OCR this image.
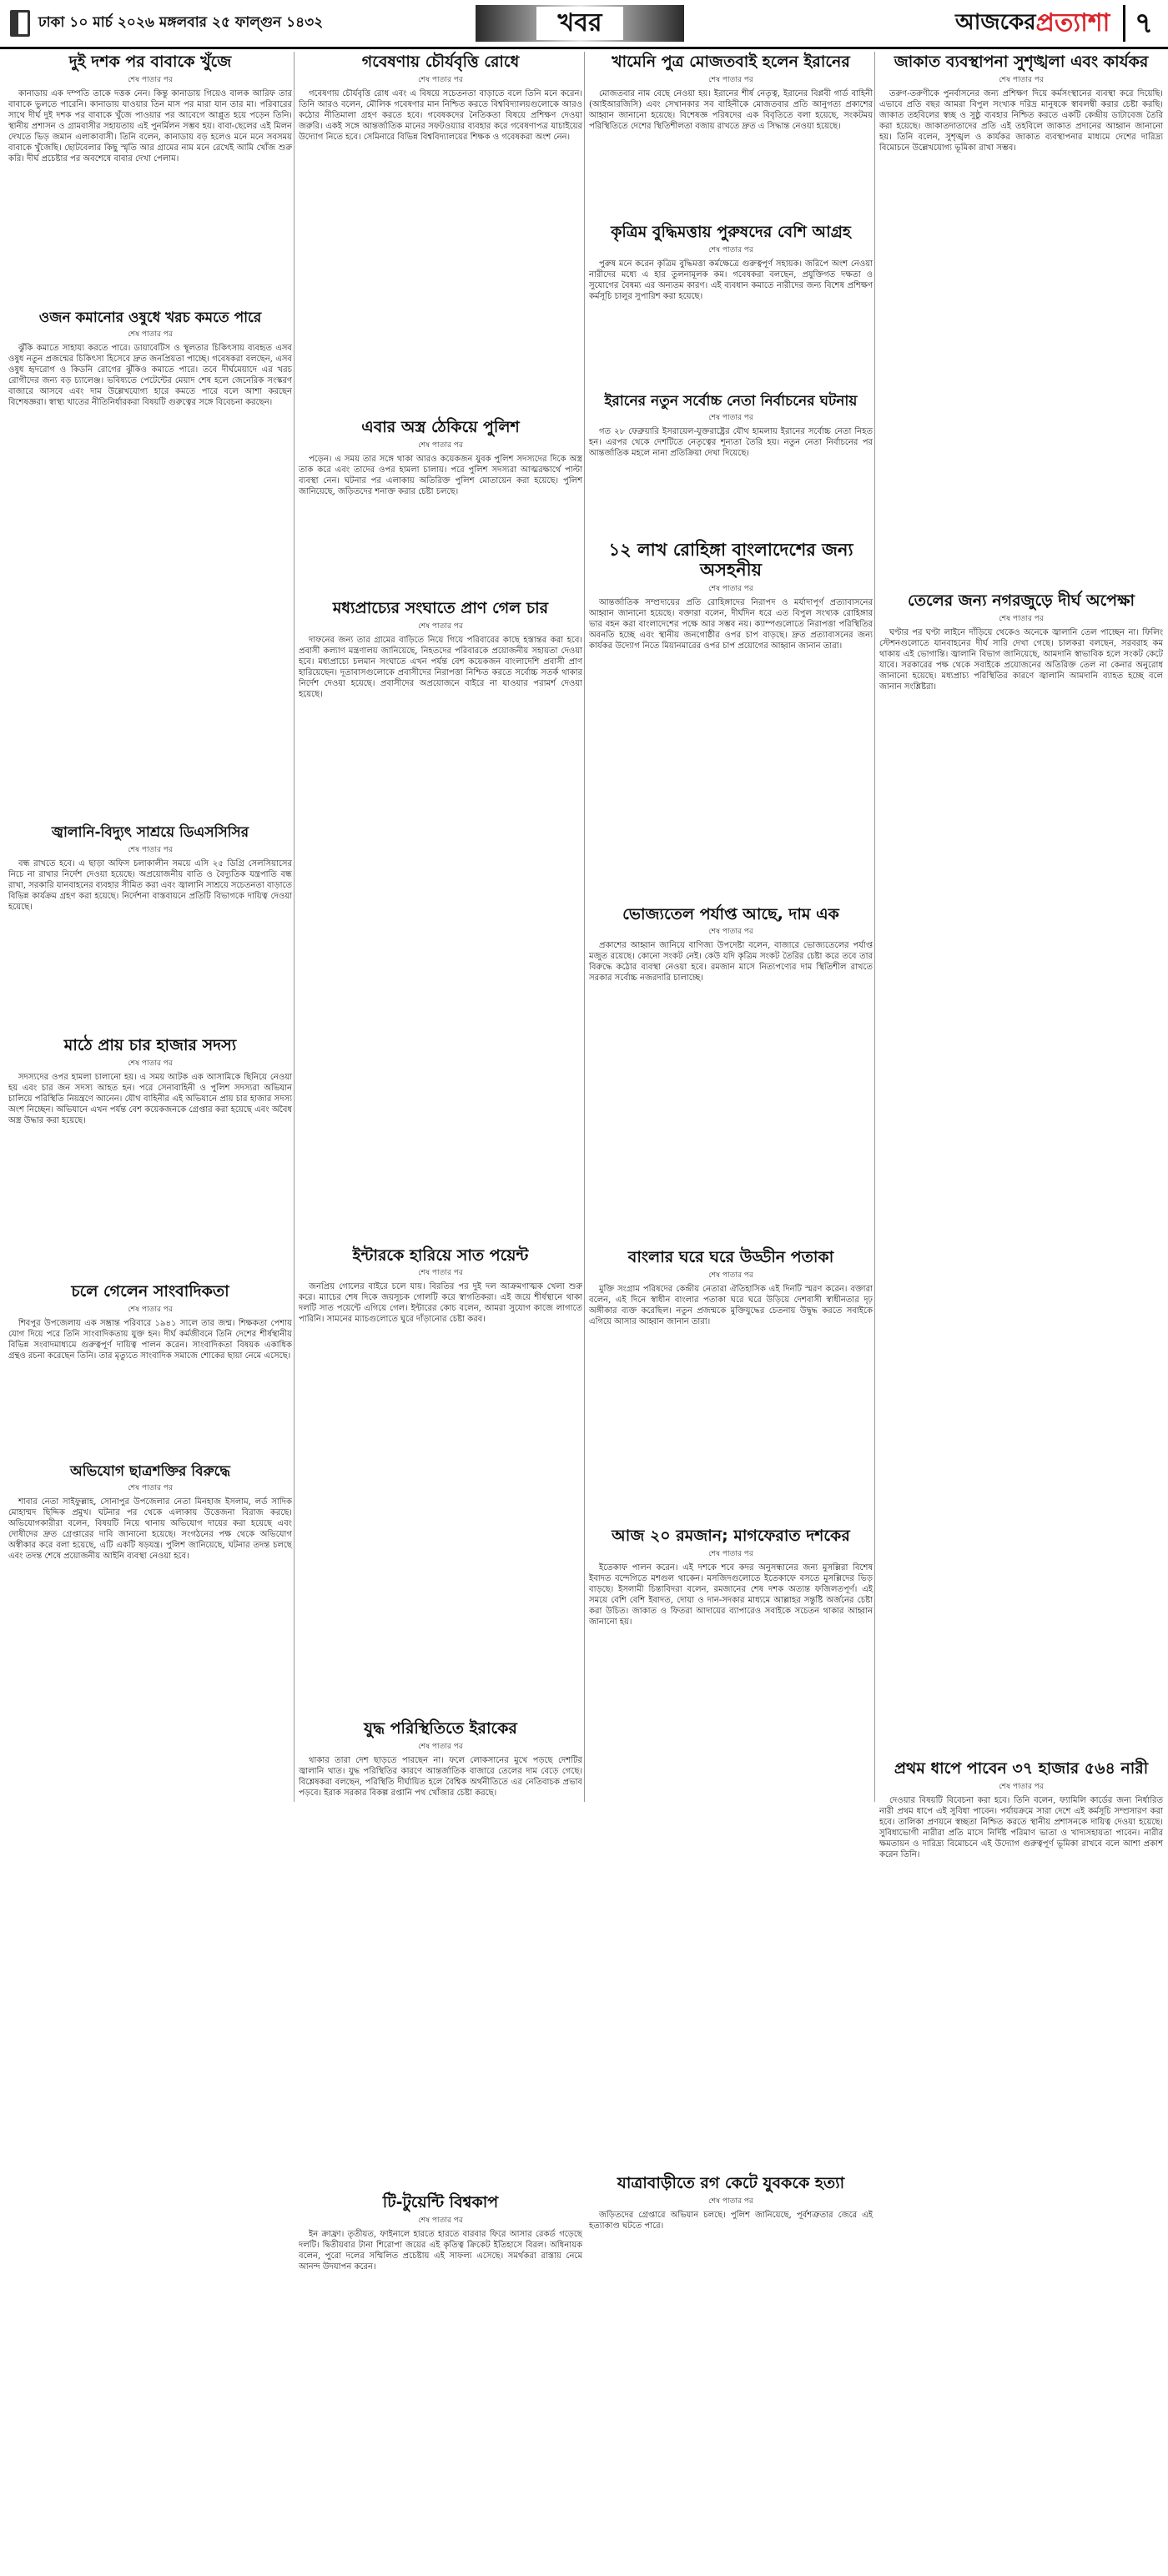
ঢাকা ১০ মার্চ ২০২৬ মঙ্গলবার ২৫ ফাল্গুন ১৪৩২	খবর	আজকের প্রত্যাশা ৭
দুই দশক পর বাবাকে খুঁজে
শেষ পাতার পর

কানাডায় এক দম্পতি তাকে দত্তক নেন। কিন্তু কানাডায় গিয়েও বালক আরিফ তার বাবাকে ভুলতে পারেনি। কানাডায় যাওয়ার তিন মাস পর মারা যান তার মা। পরিবারের সাথে দীর্ঘ দুই দশক পর বাবাকে খুঁজে পাওয়ার পর আবেগে আপ্লুত হয়ে পড়েন তিনি। স্থানীয় প্রশাসন ও গ্রামবাসীর সহায়তায় এই পুনর্মিলন সম্ভব হয়। বাবা-ছেলের এই মিলন দেখতে ভিড় জমান এলাকাবাসী। তিনি বলেন, কানাডায় বড় হলেও মনে মনে সবসময় বাবাকে খুঁজেছি। ছোটবেলার কিছু স্মৃতি আর গ্রামের নাম মনে রেখেই আমি খোঁজ শুরু করি। দীর্ঘ প্রচেষ্টার পর অবশেষে বাবার দেখা পেলাম।

ওজন কমানোর ওষুধে খরচ কমতে পারে
শেষ পাতার পর

ঝুঁকি কমাতে সাহায্য করতে পারে। ডায়াবেটিস ও স্থূলতার চিকিৎসায় ব্যবহৃত এসব ওষুধ নতুন প্রজন্মের চিকিৎসা হিসেবে দ্রুত জনপ্রিয়তা পাচ্ছে। গবেষকরা বলছেন, এসব ওষুধ হৃদরোগ ও কিডনি রোগের ঝুঁকিও কমাতে পারে। তবে দীর্ঘমেয়াদে এর খরচ রোগীদের জন্য বড় চ্যালেঞ্জ। ভবিষ্যতে পেটেন্টের মেয়াদ শেষ হলে জেনেরিক সংস্করণ বাজারে আসবে এবং দাম উল্লেখযোগ্য হারে কমতে পারে বলে আশা করছেন বিশেষজ্ঞরা। স্বাস্থ্য খাতের নীতিনির্ধারকরা বিষয়টি গুরুত্বের সঙ্গে বিবেচনা করছেন।

জ্বালানি-বিদ্যুৎ সাশ্রয়ে ডিএসসিসির
শেষ পাতার পর

বন্ধ রাখতে হবে। এ ছাড়া অফিস চলাকালীন সময়ে এসি ২৫ ডিগ্রি সেলসিয়াসের নিচে না রাখার নির্দেশ দেওয়া হয়েছে। অপ্রয়োজনীয় বাতি ও বৈদ্যুতিক যন্ত্রপাতি বন্ধ রাখা, সরকারি যানবাহনের ব্যবহার সীমিত করা এবং জ্বালানি সাশ্রয়ে সচেতনতা বাড়াতে বিভিন্ন কার্যক্রম গ্রহণ করা হয়েছে। নির্দেশনা বাস্তবায়নে প্রতিটি বিভাগকে দায়িত্ব দেওয়া হয়েছে।

মাঠে প্রায় চার হাজার সদস্য
শেষ পাতার পর

সদস্যদের ওপর হামলা চালানো হয়। এ সময় আটক এক আসামিকে ছিনিয়ে নেওয়া হয় এবং চার জন সদস্য আহত হন। পরে সেনাবাহিনী ও পুলিশ সদস্যরা অভিযান চালিয়ে পরিস্থিতি নিয়ন্ত্রণে আনেন। যৌথ বাহিনীর এই অভিযানে প্রায় চার হাজার সদস্য অংশ নিচ্ছেন। অভিযানে এখন পর্যন্ত বেশ কয়েকজনকে গ্রেপ্তার করা হয়েছে এবং অবৈধ অস্ত্র উদ্ধার করা হয়েছে।

চলে গেলেন সাংবাদিকতা
শেষ পাতার পর

শিবপুর উপজেলায় এক সম্ভ্রান্ত পরিবারে ১৯৪১ সালে তার জন্ম। শিক্ষকতা পেশায় যোগ দিয়ে পরে তিনি সাংবাদিকতায় যুক্ত হন। দীর্ঘ কর্মজীবনে তিনি দেশের শীর্ষস্থানীয় বিভিন্ন সংবাদমাধ্যমে গুরুত্বপূর্ণ দায়িত্ব পালন করেন। সাংবাদিকতা বিষয়ক একাধিক গ্রন্থও রচনা করেছেন তিনি। তার মৃত্যুতে সাংবাদিক সমাজে শোকের ছায়া নেমে এসেছে।

অভিযোগ ছাত্রশক্তির বিরুদ্ধে
শেষ পাতার পর

শাবার নেতা সাইফুল্লাহ, সোনাপুর উপজেলার নেতা মিনহাজ ইসলাম, লর্ড সাদিক মোহাম্মদ ছিদ্দিক প্রমুখ। ঘটনার পর থেকে এলাকায় উত্তেজনা বিরাজ করছে। অভিযোগকারীরা বলেন, বিষয়টি নিয়ে থানায় অভিযোগ দায়ের করা হয়েছে এবং দোষীদের দ্রুত গ্রেপ্তারের দাবি জানানো হয়েছে। সংগঠনের পক্ষ থেকে অভিযোগ অস্বীকার করে বলা হয়েছে, এটি একটি ষড়যন্ত্র। পুলিশ জানিয়েছে, ঘটনার তদন্ত চলছে এবং তদন্ত শেষে প্রয়োজনীয় আইনি ব্যবস্থা নেওয়া হবে।

গবেষণায় চৌর্যবৃত্তি রোধে
শেষ পাতার পর

গবেষণায় চৌর্যবৃত্তি রোধ এবং এ বিষয়ে সচেতনতা বাড়াতে বলে তিনি মনে করেন। তিনি আরও বলেন, মৌলিক গবেষণার মান নিশ্চিত করতে বিশ্ববিদ্যালয়গুলোকে আরও কঠোর নীতিমালা গ্রহণ করতে হবে। গবেষকদের নৈতিকতা বিষয়ে প্রশিক্ষণ দেওয়া জরুরি। একই সঙ্গে আন্তর্জাতিক মানের সফটওয়্যার ব্যবহার করে গবেষণাপত্র যাচাইয়ের উদ্যোগ নিতে হবে। সেমিনারে বিভিন্ন বিশ্ববিদ্যালয়ের শিক্ষক ও গবেষকরা অংশ নেন।

এবার অস্ত্র ঠেকিয়ে পুলিশ
শেষ পাতার পর

পড়েন। এ সময় তার সঙ্গে থাকা আরও কয়েকজন যুবক পুলিশ সদস্যদের দিকে অস্ত্র তাক করে এবং তাদের ওপর হামলা চালায়। পরে পুলিশ সদস্যরা আত্মরক্ষার্থে পাল্টা ব্যবস্থা নেন। ঘটনার পর এলাকায় অতিরিক্ত পুলিশ মোতায়েন করা হয়েছে। পুলিশ জানিয়েছে, জড়িতদের শনাক্ত করার চেষ্টা চলছে।

মধ্যপ্রাচ্যের সংঘাতে প্রাণ গেল চার
শেষ পাতার পর

দাফনের জন্য তার গ্রামের বাড়িতে নিয়ে গিয়ে পরিবারের কাছে হস্তান্তর করা হবে। প্রবাসী কল্যাণ মন্ত্রণালয় জানিয়েছে, নিহতদের পরিবারকে প্রয়োজনীয় সহায়তা দেওয়া হবে। মধ্যপ্রাচ্যে চলমান সংঘাতে এখন পর্যন্ত বেশ কয়েকজন বাংলাদেশি প্রবাসী প্রাণ হারিয়েছেন। দূতাবাসগুলোকে প্রবাসীদের নিরাপত্তা নিশ্চিত করতে সর্বোচ্চ সতর্ক থাকার নির্দেশ দেওয়া হয়েছে। প্রবাসীদের অপ্রয়োজনে বাইরে না যাওয়ার পরামর্শ দেওয়া হয়েছে।

ইন্টারকে হারিয়ে সাত পয়েন্ট
শেষ পাতার পর

জনপ্রিয় গোলের বাইরে চলে যায়। বিরতির পর দুই দল আক্রমণাত্মক খেলা শুরু করে। ম্যাচের শেষ দিকে জয়সূচক গোলটি করে স্বাগতিকরা। এই জয়ে শীর্ষস্থানে থাকা দলটি সাত পয়েন্টে এগিয়ে গেল। ইন্টারের কোচ বলেন, আমরা সুযোগ কাজে লাগাতে পারিনি। সামনের ম্যাচগুলোতে ঘুরে দাঁড়ানোর চেষ্টা করব।

যুদ্ধ পরিস্থিতিতে ইরাকের
শেষ পাতার পর

থাকার তারা দেশ ছাড়তে পারছেন না। ফলে লোকসানের মুখে পড়ছে দেশটির জ্বালানি খাত। যুদ্ধ পরিস্থিতির কারণে আন্তর্জাতিক বাজারে তেলের দাম বেড়ে গেছে। বিশ্লেষকরা বলছেন, পরিস্থিতি দীর্ঘায়িত হলে বৈশ্বিক অর্থনীতিতে এর নেতিবাচক প্রভাব পড়বে। ইরাক সরকার বিকল্প রপ্তানি পথ খোঁজার চেষ্টা করছে।

টি-টুয়েন্টি বিশ্বকাপ
শেষ পাতার পর

ইন ক্রাফ্রা। তৃতীয়ত, ফাইনালে হারতে হারতে বারবার ফিরে আসার রেকর্ড গড়েছে দলটি। দ্বিতীয়বার টানা শিরোপা জয়ের এই কৃতিত্ব ক্রিকেট ইতিহাসে বিরল। অধিনায়ক বলেন, পুরো দলের সম্মিলিত প্রচেষ্টায় এই সাফল্য এসেছে। সমর্থকরা রাস্তায় নেমে আনন্দ উদযাপন করেন।

খামেনি পুত্র মোজতবাই হলেন ইরানের
শেষ পাতার পর

মোজতবার নাম বেছে নেওয়া হয়। ইরানের শীর্ষ নেতৃত্ব, ইরানের বিপ্লবী গার্ড বাহিনী (আইআরজিসি) এবং সেখানকার সব বাহিনীকে মোজতবার প্রতি আনুগত্য প্রকাশের আহ্বান জানানো হয়েছে। বিশেষজ্ঞ পরিষদের এক বিবৃতিতে বলা হয়েছে, সংকটময় পরিস্থিতিতে দেশের স্থিতিশীলতা বজায় রাখতে দ্রুত এ সিদ্ধান্ত নেওয়া হয়েছে।

কৃত্রিম বুদ্ধিমত্তায় পুরুষদের বেশি আগ্রহ
শেষ পাতার পর

পুরুষ মনে করেন কৃত্রিম বুদ্ধিমত্তা কর্মক্ষেত্রে গুরুত্বপূর্ণ সহায়ক। জরিপে অংশ নেওয়া নারীদের মধ্যে এ হার তুলনামূলক কম। গবেষকরা বলছেন, প্রযুক্তিগত দক্ষতা ও সুযোগের বৈষম্য এর অন্যতম কারণ। এই ব্যবধান কমাতে নারীদের জন্য বিশেষ প্রশিক্ষণ কর্মসূচি চালুর সুপারিশ করা হয়েছে।

ইরানের নতুন সর্বোচ্চ নেতা নির্বাচনের ঘটনায়
শেষ পাতার পর

গত ২৮ ফেব্রুয়ারি ইসরায়েল-যুক্তরাষ্ট্রের যৌথ হামলায় ইরানের সর্বোচ্চ নেতা নিহত হন। এরপর থেকে দেশটিতে নেতৃত্বের শূন্যতা তৈরি হয়। নতুন নেতা নির্বাচনের পর আন্তর্জাতিক মহলে নানা প্রতিক্রিয়া দেখা দিয়েছে।

১২ লাখ রোহিঙ্গা বাংলাদেশের জন্য অসহনীয়
শেষ পাতার পর

আন্তর্জাতিক সম্প্রদায়ের প্রতি রোহিঙ্গাদের নিরাপদ ও মর্যাদাপূর্ণ প্রত্যাবাসনের আহ্বান জানানো হয়েছে। বক্তারা বলেন, দীর্ঘদিন ধরে এত বিপুল সংখ্যক রোহিঙ্গার ভার বহন করা বাংলাদেশের পক্ষে আর সম্ভব নয়। ক্যাম্পগুলোতে নিরাপত্তা পরিস্থিতির অবনতি হচ্ছে এবং স্থানীয় জনগোষ্ঠীর ওপর চাপ বাড়ছে। দ্রুত প্রত্যাবাসনের জন্য কার্যকর উদ্যোগ নিতে মিয়ানমারের ওপর চাপ প্রয়োগের আহ্বান জানান তারা।

ভোজ্যতেল পর্যাপ্ত আছে, দাম এক
শেষ পাতার পর

প্রকাশের আহ্বান জানিয়ে বাণিজ্য উপদেষ্টা বলেন, বাজারে ভোজ্যতেলের পর্যাপ্ত মজুত রয়েছে। কোনো সংকট নেই। কেউ যদি কৃত্রিম সংকট তৈরির চেষ্টা করে তবে তার বিরুদ্ধে কঠোর ব্যবস্থা নেওয়া হবে। রমজান মাসে নিত্যপণ্যের দাম স্থিতিশীল রাখতে সরকার সর্বোচ্চ নজরদারি চালাচ্ছে।

বাংলার ঘরে ঘরে উড্ডীন পতাকা
শেষ পাতার পর

মুক্তি সংগ্রাম পরিষদের কেন্দ্রীয় নেতারা ঐতিহাসিক এই দিনটি স্মরণ করেন। বক্তারা বলেন, এই দিনে স্বাধীন বাংলার পতাকা ঘরে ঘরে উড়িয়ে দেশবাসী স্বাধীনতার দৃঢ় অঙ্গীকার ব্যক্ত করেছিল। নতুন প্রজন্মকে মুক্তিযুদ্ধের চেতনায় উদ্বুদ্ধ করতে সবাইকে এগিয়ে আসার আহ্বান জানান তারা।

আজ ২০ রমজান; মাগফেরাত দশকের
শেষ পাতার পর

ইতেকাফ পালন করেন। এই দশকে শবে কদর অনুসন্ধানের জন্য মুসল্লিরা বিশেষ ইবাদত বন্দেগিতে মশগুল থাকেন। মসজিদগুলোতে ইতেকাফে বসতে মুসল্লিদের ভিড় বাড়ছে। ইসলামী চিন্তাবিদরা বলেন, রমজানের শেষ দশক অত্যন্ত ফজিলতপূর্ণ। এই সময়ে বেশি বেশি ইবাদত, দোয়া ও দান-সদকার মাধ্যমে আল্লাহর সন্তুষ্টি অর্জনের চেষ্টা করা উচিত। জাকাত ও ফিতরা আদায়ের ব্যাপারেও সবাইকে সচেতন থাকার আহ্বান জানানো হয়।

যাত্রাবাড়ীতে রগ কেটে যুবককে হত্যা
শেষ পাতার পর

জড়িতদের গ্রেপ্তারে অভিযান চলছে। পুলিশ জানিয়েছে, পূর্বশত্রুতার জেরে এই হত্যাকাণ্ড ঘটতে পারে।

জাকাত ব্যবস্থাপনা সুশৃঙ্খলা এবং কার্যকর
শেষ পাতার পর

তরুণ-তরুণীকে পুনর্বাসনের জন্য প্রশিক্ষণ দিয়ে কর্মসংস্থানের ব্যবস্থা করে দিয়েছি। এভাবে প্রতি বছর আমরা বিপুল সংখ্যক দরিদ্র মানুষকে স্বাবলম্বী করার চেষ্টা করছি। জাকাত তহবিলের স্বচ্ছ ও সুষ্ঠু ব্যবহার নিশ্চিত করতে একটি কেন্দ্রীয় ডাটাবেজ তৈরি করা হয়েছে। জাকাতদাতাদের প্রতি এই তহবিলে জাকাত প্রদানের আহ্বান জানানো হয়। তিনি বলেন, সুশৃঙ্খল ও কার্যকর জাকাত ব্যবস্থাপনার মাধ্যমে দেশের দারিদ্র্য বিমোচনে উল্লেখযোগ্য ভূমিকা রাখা সম্ভব।

তেলের জন্য নগরজুড়ে দীর্ঘ অপেক্ষা
শেষ পাতার পর

ঘণ্টার পর ঘণ্টা লাইনে দাঁড়িয়ে থেকেও অনেকে জ্বালানি তেল পাচ্ছেন না। ফিলিং স্টেশনগুলোতে যানবাহনের দীর্ঘ সারি দেখা গেছে। চালকরা বলছেন, সরবরাহ কম থাকায় এই ভোগান্তি। জ্বালানি বিভাগ জানিয়েছে, আমদানি স্বাভাবিক হলে সংকট কেটে যাবে। সরকারের পক্ষ থেকে সবাইকে প্রয়োজনের অতিরিক্ত তেল না কেনার অনুরোধ জানানো হয়েছে। মধ্যপ্রাচ্য পরিস্থিতির কারণে জ্বালানি আমদানি ব্যাহত হচ্ছে বলে জানান সংশ্লিষ্টরা।

প্রথম ধাপে পাবেন ৩৭ হাজার ৫৬৪ নারী
শেষ পাতার পর

দেওয়ার বিষয়টি বিবেচনা করা হবে। তিনি বলেন, ফ্যামিলি কার্ডের জন্য নির্ধারিত নারী প্রথম ধাপে এই সুবিধা পাবেন। পর্যায়ক্রমে সারা দেশে এই কর্মসূচি সম্প্রসারণ করা হবে। তালিকা প্রণয়নে স্বচ্ছতা নিশ্চিত করতে স্থানীয় প্রশাসনকে দায়িত্ব দেওয়া হয়েছে। সুবিধাভোগী নারীরা প্রতি মাসে নির্দিষ্ট পরিমাণ ভাতা ও খাদ্যসহায়তা পাবেন। নারীর ক্ষমতায়ন ও দারিদ্র্য বিমোচনে এই উদ্যোগ গুরুত্বপূর্ণ ভূমিকা রাখবে বলে আশা প্রকাশ করেন তিনি।
